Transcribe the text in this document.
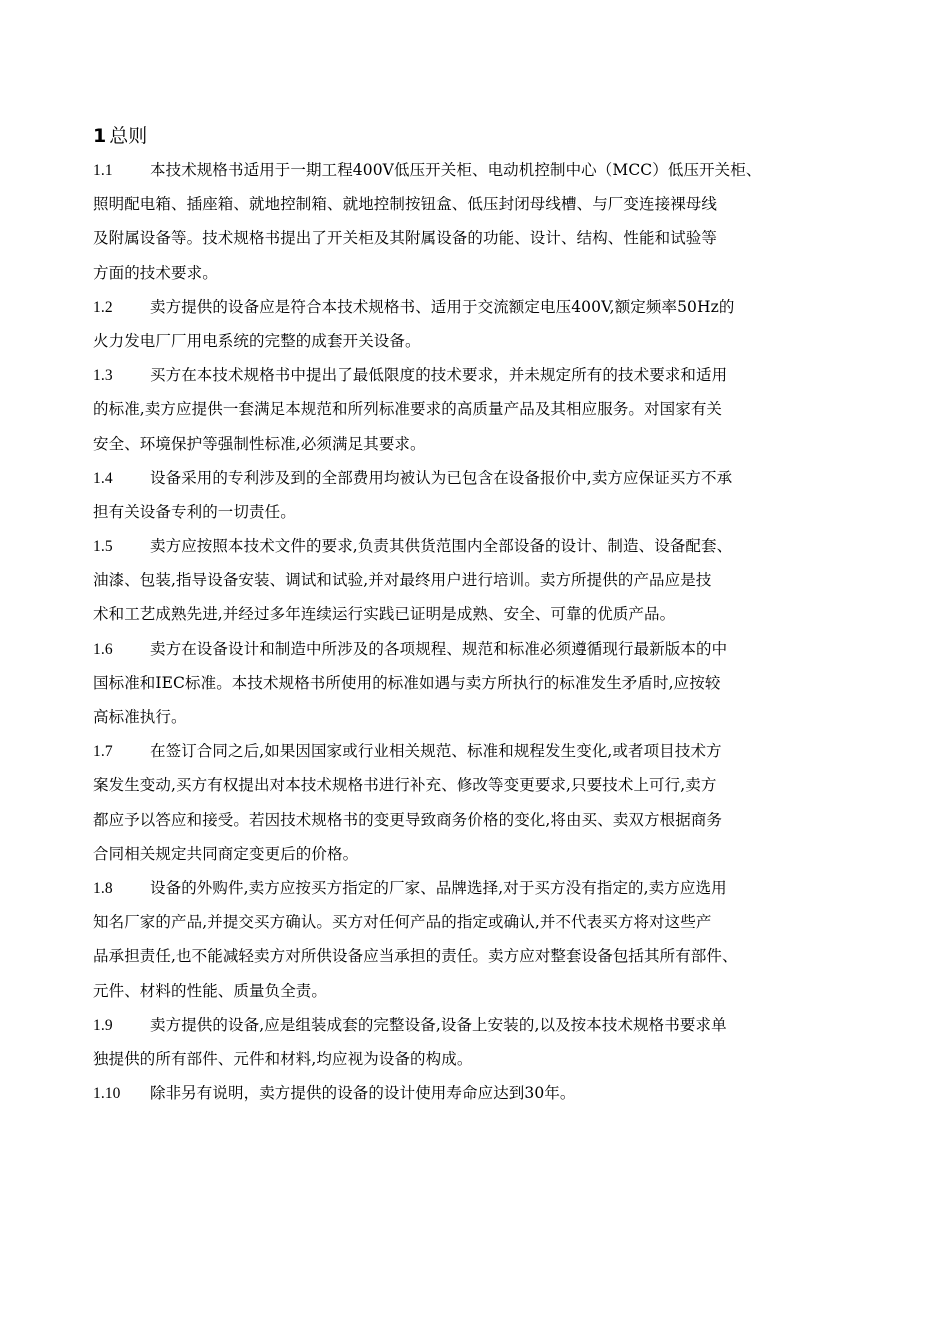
1 总则
1.1 本技术规格书适用于一期工程400V低压开关柜、电动机控制中心（MCC）低压开关柜、
照明配电箱、插座箱、就地控制箱、就地控制按钮盒、低压封闭母线槽、与厂变连接裸母线
及附属设备等。技术规格书提出了开关柜及其附属设备的功能、设计、结构、性能和试验等
方面的技术要求。
1.2 卖方提供的设备应是符合本技术规格书、适用于交流额定电压400V,额定频率50Hz的
火力发电厂厂用电系统的完整的成套开关设备。
1.3 买方在本技术规格书中提出了最低限度的技术要求，并未规定所有的技术要求和适用
的标准,卖方应提供一套满足本规范和所列标准要求的高质量产品及其相应服务。对国家有关
安全、环境保护等强制性标准,必须满足其要求。
1.4 设备采用的专利涉及到的全部费用均被认为已包含在设备报价中,卖方应保证买方不承
担有关设备专利的一切责任。
1.5 卖方应按照本技术文件的要求,负责其供货范围内全部设备的设计、制造、设备配套、
油漆、包装,指导设备安装、调试和试验,并对最终用户进行培训。卖方所提供的产品应是技
术和工艺成熟先进,并经过多年连续运行实践已证明是成熟、安全、可靠的优质产品。
1.6 卖方在设备设计和制造中所涉及的各项规程、规范和标准必须遵循现行最新版本的中
国标准和IEC标准。本技术规格书所使用的标准如遇与卖方所执行的标准发生矛盾时,应按较
高标准执行。
1.7 在签订合同之后,如果因国家或行业相关规范、标准和规程发生变化,或者项目技术方
案发生变动,买方有权提出对本技术规格书进行补充、修改等变更要求,只要技术上可行,卖方
都应予以答应和接受。若因技术规格书的变更导致商务价格的变化,将由买、卖双方根据商务
合同相关规定共同商定变更后的价格。
1.8 设备的外购件,卖方应按买方指定的厂家、品牌选择,对于买方没有指定的,卖方应选用
知名厂家的产品,并提交买方确认。买方对任何产品的指定或确认,并不代表买方将对这些产
品承担责任,也不能减轻卖方对所供设备应当承担的责任。卖方应对整套设备包括其所有部件、
元件、材料的性能、质量负全责。
1.9 卖方提供的设备,应是组装成套的完整设备,设备上安装的,以及按本技术规格书要求单
独提供的所有部件、元件和材料,均应视为设备的构成。
1.10 除非另有说明，卖方提供的设备的设计使用寿命应达到30年。
